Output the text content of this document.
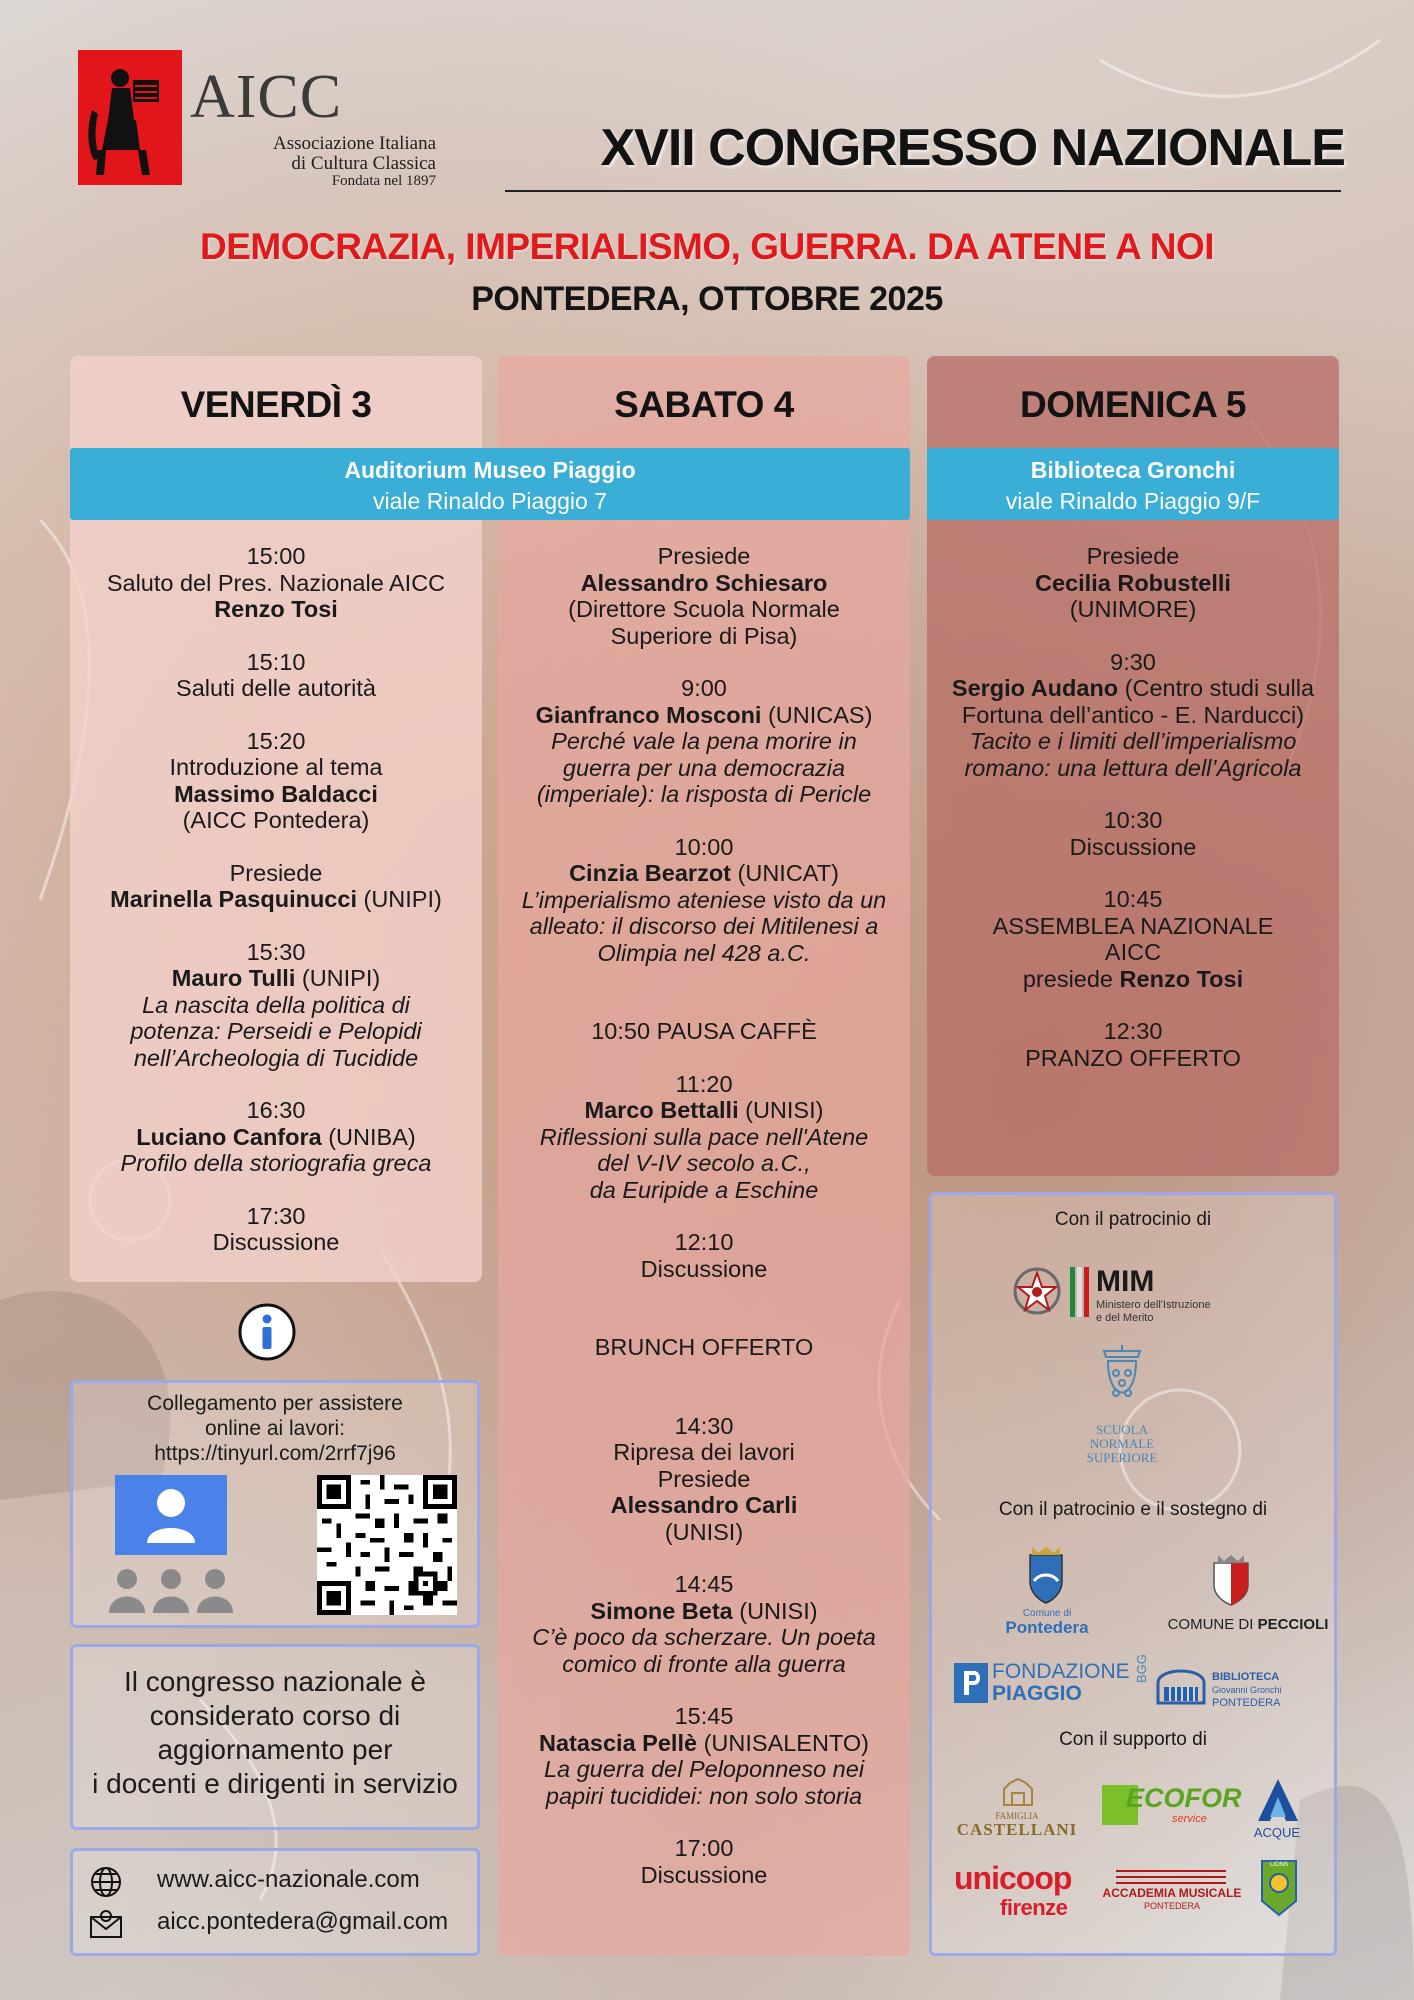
AICC
Associazione Italiana
di Cultura Classica
Fondata nel 1897
XVII CONGRESSO NAZIONALE
DEMOCRAZIA, IMPERIALISMO, GUERRA. DA ATENE A NOI
PONTEDERA, OTTOBRE 2025
VENERDÌ 3	SABATO 4	DOMENICA 5
Auditorium Museo Piaggio
viale Rinaldo Piaggio 7
Biblioteca Gronchi
viale Rinaldo Piaggio 9/F
15:00
Saluto del Pres. Nazionale AICC
Renzo Tosi
15:10
Saluti delle autorità
15:20
Introduzione al tema
Massimo Baldacci
(AICC Pontedera)
Presiede
Marinella Pasquinucci (UNIPI)
15:30
Mauro Tulli (UNIPI)
La nascita della politica di
potenza: Perseidi e Pelopidi
nell’Archeologia di Tucidide
16:30
Luciano Canfora (UNIBA)
Profilo della storiografia greca
17:30
Discussione
Presiede
Alessandro Schiesaro
(Direttore Scuola Normale
Superiore di Pisa)
9:00
Gianfranco Mosconi (UNICAS)
Perché vale la pena morire in
guerra per una democrazia
(imperiale): la risposta di Pericle
10:00
Cinzia Bearzot (UNICAT)
L’imperialismo ateniese visto da un
alleato: il discorso dei Mitilenesi a
Olimpia nel 428 a.C.
10:50 PAUSA CAFFÈ
11:20
Marco Bettalli (UNISI)
Riflessioni sulla pace nell'Atene
del V-IV secolo a.C.,
da Euripide a Eschine
12:10
Discussione
BRUNCH OFFERTO
14:30
Ripresa dei lavori
Presiede
Alessandro Carli
(UNISI)
14:45
Simone Beta (UNISI)
C’è poco da scherzare. Un poeta
comico di fronte alla guerra
15:45
Natascia Pellè (UNISALENTO)
La guerra del Peloponneso nei
papiri tucididei: non solo storia
17:00
Discussione
Presiede
Cecilia Robustelli
(UNIMORE)
9:30
Sergio Audano (Centro studi sulla
Fortuna dell’antico - E. Narducci)
Tacito e i limiti dell’imperialismo
romano: una lettura dell’Agricola
10:30
Discussione
10:45
ASSEMBLEA NAZIONALE
AICC
presiede Renzo Tosi
12:30
PRANZO OFFERTO
Collegamento per assistere
online ai lavori:
https://tinyurl.com/2rrf7j96
Il congresso nazionale è
considerato corso di
aggiornamento per
i docenti e dirigenti in servizio
www.aicc-nazionale.com
aicc.pontedera@gmail.com
Con il patrocinio di
MIM
Ministero dell'Istruzione
e del Merito
SCUOLA
NORMALE
SUPERIORE
Con il patrocinio e il sostegno di
Comune di
Pontedera	COMUNE DI PECCIOLI
FONDAZIONE
PIAGGIO
BGG	BIBLIOTECA
Giovanni Gronchi
PONTEDERA
Con il supporto di
FAMIGLIA
CASTELLANI
ECOFOR
service
ACQUE
unicoop
firenze
ACCADEMIA MUSICALE
PONTEDERA
LIONS
